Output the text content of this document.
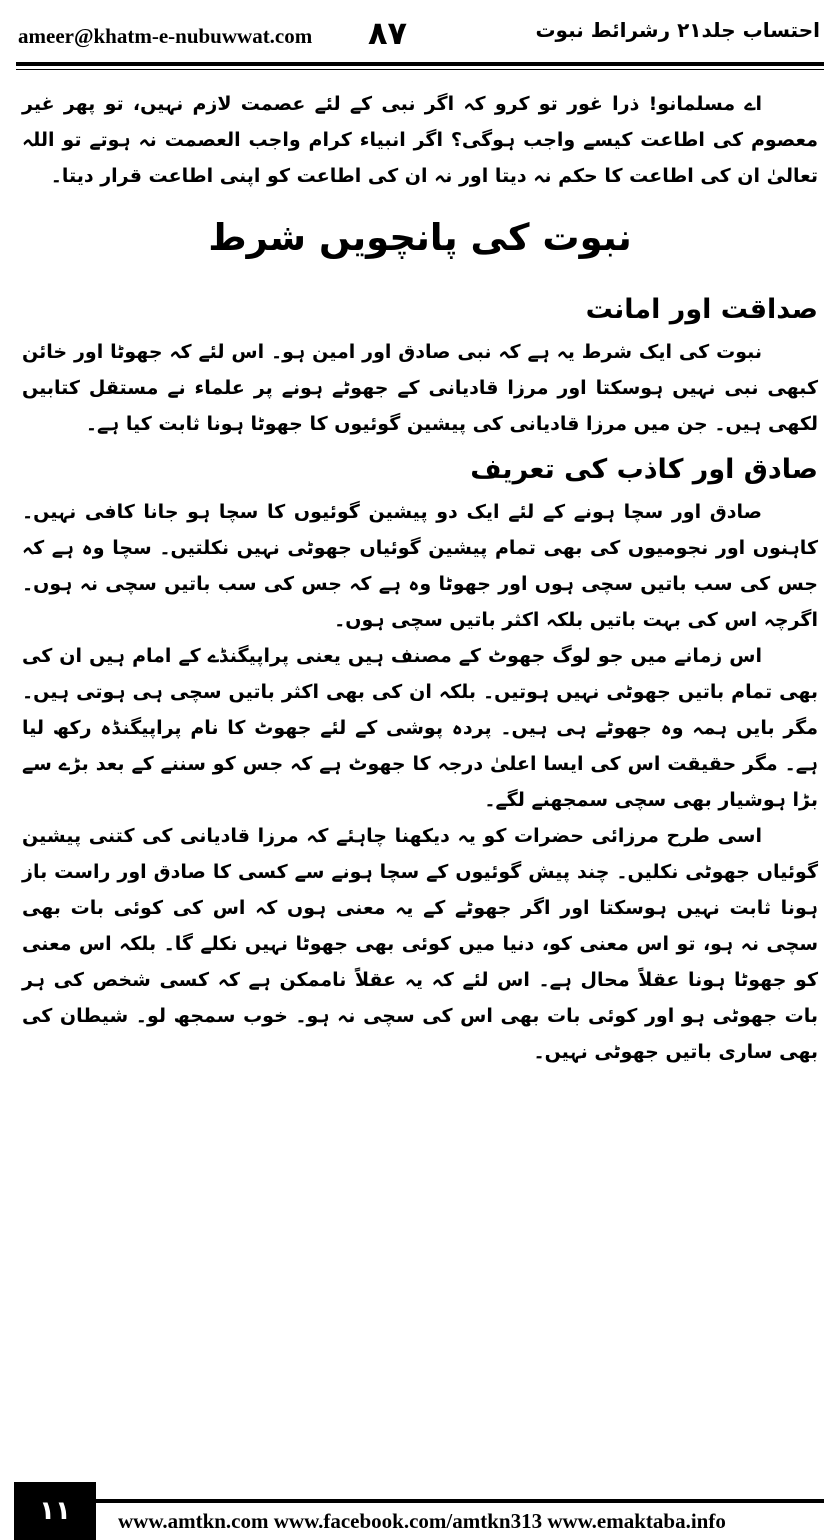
ameer@khatm-e-nubuwwat.com ۸۷	احتساب جلد۲۱ رشرائط نبوت

اے مسلمانو! ذرا غور تو کرو کہ اگر نبی کے لئے عصمت لازم نہیں، تو پھر غیر معصوم کی اطاعت کیسے واجب ہوگی؟ اگر انبیاء کرام واجب العصمت نہ ہوتے تو اللہ تعالیٰ ان کی اطاعت کا حکم نہ دیتا اور نہ ان کی اطاعت کو اپنی اطاعت قرار دیتا۔

نبوت کی پانچویں شرط

صداقت اور امانت

نبوت کی ایک شرط یہ ہے کہ نبی صادق اور امین ہو۔ اس لئے کہ جھوٹا اور خائن کبھی نبی نہیں ہوسکتا اور مرزا قادیانی کے جھوٹے ہونے پر علماء نے مستقل کتابیں لکھی ہیں۔ جن میں مرزا قادیانی کی پیشین گوئیوں کا جھوٹا ہونا ثابت کیا ہے۔

صادق اور کاذب کی تعریف

صادق اور سچا ہونے کے لئے ایک دو پیشین گوئیوں کا سچا ہو جانا کافی نہیں۔ کاہنوں اور نجومیوں کی بھی تمام پیشین گوئیاں جھوٹی نہیں نکلتیں۔ سچا وہ ہے کہ جس کی سب باتیں سچی ہوں اور جھوٹا وہ ہے کہ جس کی سب باتیں سچی نہ ہوں۔ اگرچہ اس کی بہت باتیں بلکہ اکثر باتیں سچی ہوں۔

اس زمانے میں جو لوگ جھوٹ کے مصنف ہیں یعنی پراپیگنڈے کے امام ہیں ان کی بھی تمام باتیں جھوٹی نہیں ہوتیں۔ بلکہ ان کی بھی اکثر باتیں سچی ہی ہوتی ہیں۔ مگر بایں ہمہ وہ جھوٹے ہی ہیں۔ پردہ پوشی کے لئے جھوٹ کا نام پراپیگنڈہ رکھ لیا ہے۔ مگر حقیقت اس کی ایسا اعلیٰ درجہ کا جھوٹ ہے کہ جس کو سننے کے بعد بڑے سے بڑا ہوشیار بھی سچی سمجھنے لگے۔

اسی طرح مرزائی حضرات کو یہ دیکھنا چاہئے کہ مرزا قادیانی کی کتنی پیشین گوئیاں جھوٹی نکلیں۔ چند پیش گوئیوں کے سچا ہونے سے کسی کا صادق اور راست باز ہونا ثابت نہیں ہوسکتا اور اگر جھوٹے کے یہ معنی ہوں کہ اس کی کوئی بات بھی سچی نہ ہو، تو اس معنی کو، دنیا میں کوئی بھی جھوٹا نہیں نکلے گا۔ بلکہ اس معنی کو جھوٹا ہونا عقلاً محال ہے۔ اس لئے کہ یہ عقلاً ناممکن ہے کہ کسی شخص کی ہر بات جھوٹی ہو اور کوئی بات بھی اس کی سچی نہ ہو۔ خوب سمجھ لو۔ شیطان کی بھی ساری باتیں جھوٹی نہیں۔

۱۱	www.amtkn.com www.facebook.com/amtkn313 www.emaktaba.info
